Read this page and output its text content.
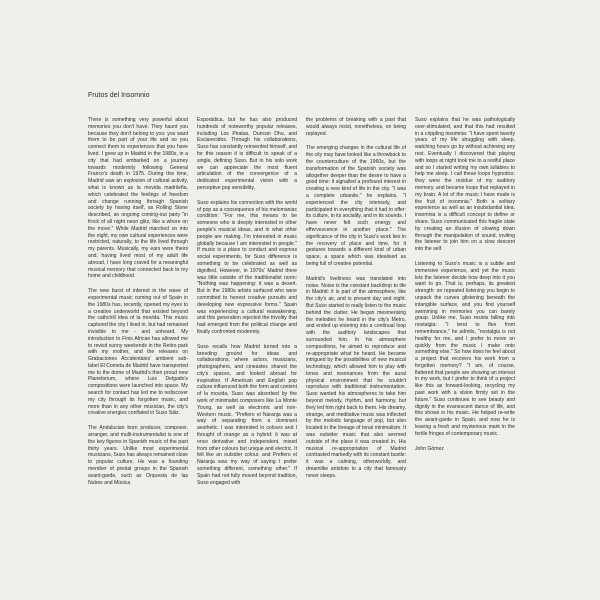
Frutos del Insomnio

There is something very powerful about memories you don't have. They haunt you because they don't belong to you: you want them to be part of your life and so you connect them to experiences that you have lived. I grew up in Madrid in the 1980s, in a city that had embarked on a journey towards modernity following General Franco's death in 1975. During this time, Madrid saw an explosion of cultural activity, what is known as la movida madrileña, which celebrated the feelings of freedom and change running through Spanish society by having itself, as Rolling Stone described, an ongoing coming-out party "in frock of all night neon glitz, like a whore on the move." While Madrid marched on into the night, my own cultural experiences were restricted, naturally, to the life lived through my parents. Musically, my ears were theirs and, having lived most of my adult life abroad, I have long craved for a meaningful musical memory that connected back to my home and childhood.

The new burst of interest in the wave of experimental music coming out of Spain in the 1980s has, recently, opened my eyes to a creative underworld that existed beyond the cathchill idea of la movida. This music captured the city I lived in, but had remained invisible to me - and unheard. My introduction to Finis Africae has allowed me to revisit sunny weekends in the Retiro park with my mother, and the releases on Grabaciones Accidentales' ambient sub-label El Cometa de Madrid have transported me to the dome of Madrid's then proud new Planetorium, where Luis Delgado's compositions were launched into space. My search for contact has led me to rediscover my city through its forgotten music, and more than in any other musician, the city's creative energies conflated in Suso Sáiz.

The Andalucian born producer, composer, arranger, and multi-instrumentalist is one of the key figures in Spanish music of the past thirty years. Unlike most experimental musicians, Suso has always remained close to popular culture. He was a founding member of pivotal groups in the Spanish avant-garde, such as Orquesta de las Nubes and Música

Esporádica, but he has also produced hundreds of noteworthy popular releases, including Los Piratas, Duncan Dhu, and Esclarecidos. Through his collaborations, Suso has constantly reinvented himself, and for this reason it is difficult to speak of a single, defining Suso. But in his solo work we can appreciate the most fluent articulation of the convergence of a dedicated experimental vision with a perceptive pop sensibility.

Suso explains his connection with the world of pop as a consequence of his melomaniac condition: "For me, this means to be someone who is deeply interested in other people's musical ideas, and in what other people are making. I'm interested in music globally because I am interested in people." If music is a place to conduct and express social experiments, for Suso difference is something to be celebrated as well as dignified. However, in 1970s' Madrid there was little outside of the traditionalist norm: "Nothing was happening: it was a desert. But in the 1980s artists surfaced who were committed to honest creative pursuits and developing new expressive forms." Spain was experiencing a cultural reawakening, and this generation rejected the frivolity that had emerged from the political change and finally confronted modernity.

Suso recalls how Madrid turned into a breeding ground for ideas and collaborations, where actors, musicians, photographers, and cineastes shared the city's spaces, and looked abroad for inspiration. If American and English pop culture influenced both the form and content of la movida, Suso was absorbed by the work of minimalist composers like La Monte Young, as well as electronic and non-Western music. "Prefiero el Naranja was a way of separating from a dominant aesthetic. I was interested in colours and I thought of orange as a hybrid: it was at once derivative and independent, mixed from other colours but unique and electric. It felt like an outsider colour, and Prefiero el Naranja was my way of saying I prefer something different, something other." If Spain had not fully moved beyond tradition, Suso engaged with

the problems of breaking with a past that would always insist, nonetheless, on being replayed.

The emerging changes in the cultural life of the city may have looked like a throwback to the counterculture of the 1960s, but the transformation of the Spanish society was altogether deeper than the desire to have a good time: it signalled a profound interest in creating a new kind of life in the city. "I was a complete urbanite," he explains, "I experienced the city intensely, and participated in everything that it had to offer: its culture, in its sociality, and in its sounds. I have never felt such energy and effervescence in another place." The significance of the city in Suso's work lies in the recovery of place and time, for it gestures towards a different kind of urban space, a space which was idealised as being full of creative potential.

Madrid's liveliness was translated into noise. Noise is the constant backdrop to life in Madrid: it is part of the atmosphere, like the city's air, and is present day and night. But Suso started to really listen to the music behind the clatter. He began mesmerising the melodies he heard in the city's Metro, and ended up entering into a continual loop with the auditory landscapes that surrounded him. In his atmosphere compositions, he aimed to reproduce and re-appropriate what he heard. He became intrigued by the possibilities of new musical technology, which allowed him to play with tones and resonances from the aural physical environment that he couldn't reproduce with traditional instrumentation. Suso wanted his atmospheres to take him beyond melody, rhythm, and harmony, but they led him right back to them. His dreamy, strange, and meditative music was inflected by the melodic language of pop, but also located in the lineage of tonal minimalism. It was outsider music that also seemed outside of the place it was created in. His musical re-appropriation of Madrid contrasted markedly with its constant bustle: it was a calming, otherworldly, and dreamlike antidote to a city that famously never sleeps.

Suso explains that he was pathologically over-stimulated, and that this had resulted in a crippling insomnia: "I have spent twenty years of my life struggling with sleep, watching hours go by without achieving any rest. Eventually I discovered that playing with loops at night took me to a restful place and so I started writing my own lullabies to help me sleep. I call these loops hypnotics: they were the residue of my auditory memory, and became loops that replayed in my brain. A lot of the music I have made is the fruit of insomnia." Both a solitary experience as well as an insubstantial idea, insomnia is a difficult concept to define or share. Suso communicated this fragile state by creating an illusion of slowing down through the manipulation of sound, inviting the listener to join him on a slow descent into the self.

Listening to Suso's music is a subtle and immersive experience, and yet the music lets the listener decide how deep into it you want to go. That is, perhaps, its greatest strength: on repeated listening you begin to unpack the curves glistening beneath the intangible surface, and you find yourself swimming in memories you can barely grasp. Unlike me, Suso resists falling into nostalgia: "I tend to flee from remembrance," he admits, "nostalgia is not healthy for me, and I prefer to move on quickly from the music I make onto something else." So how does he feel about a project that recovers his work from a forgotten memory? "I am, of course, flattered that people are showing an interest in my work, but I prefer to think of a project like this as forward-looking, recycling my past work with a vision firmly set in the future." Suso continues to see beauty and dignity in the evanescent dance of life, and this shows in his music. He helped re-write the avant-garde in Spain, and now he is leaving a fresh and mysterious mark in the fertile fringes of contemporary music.

John Gómez
